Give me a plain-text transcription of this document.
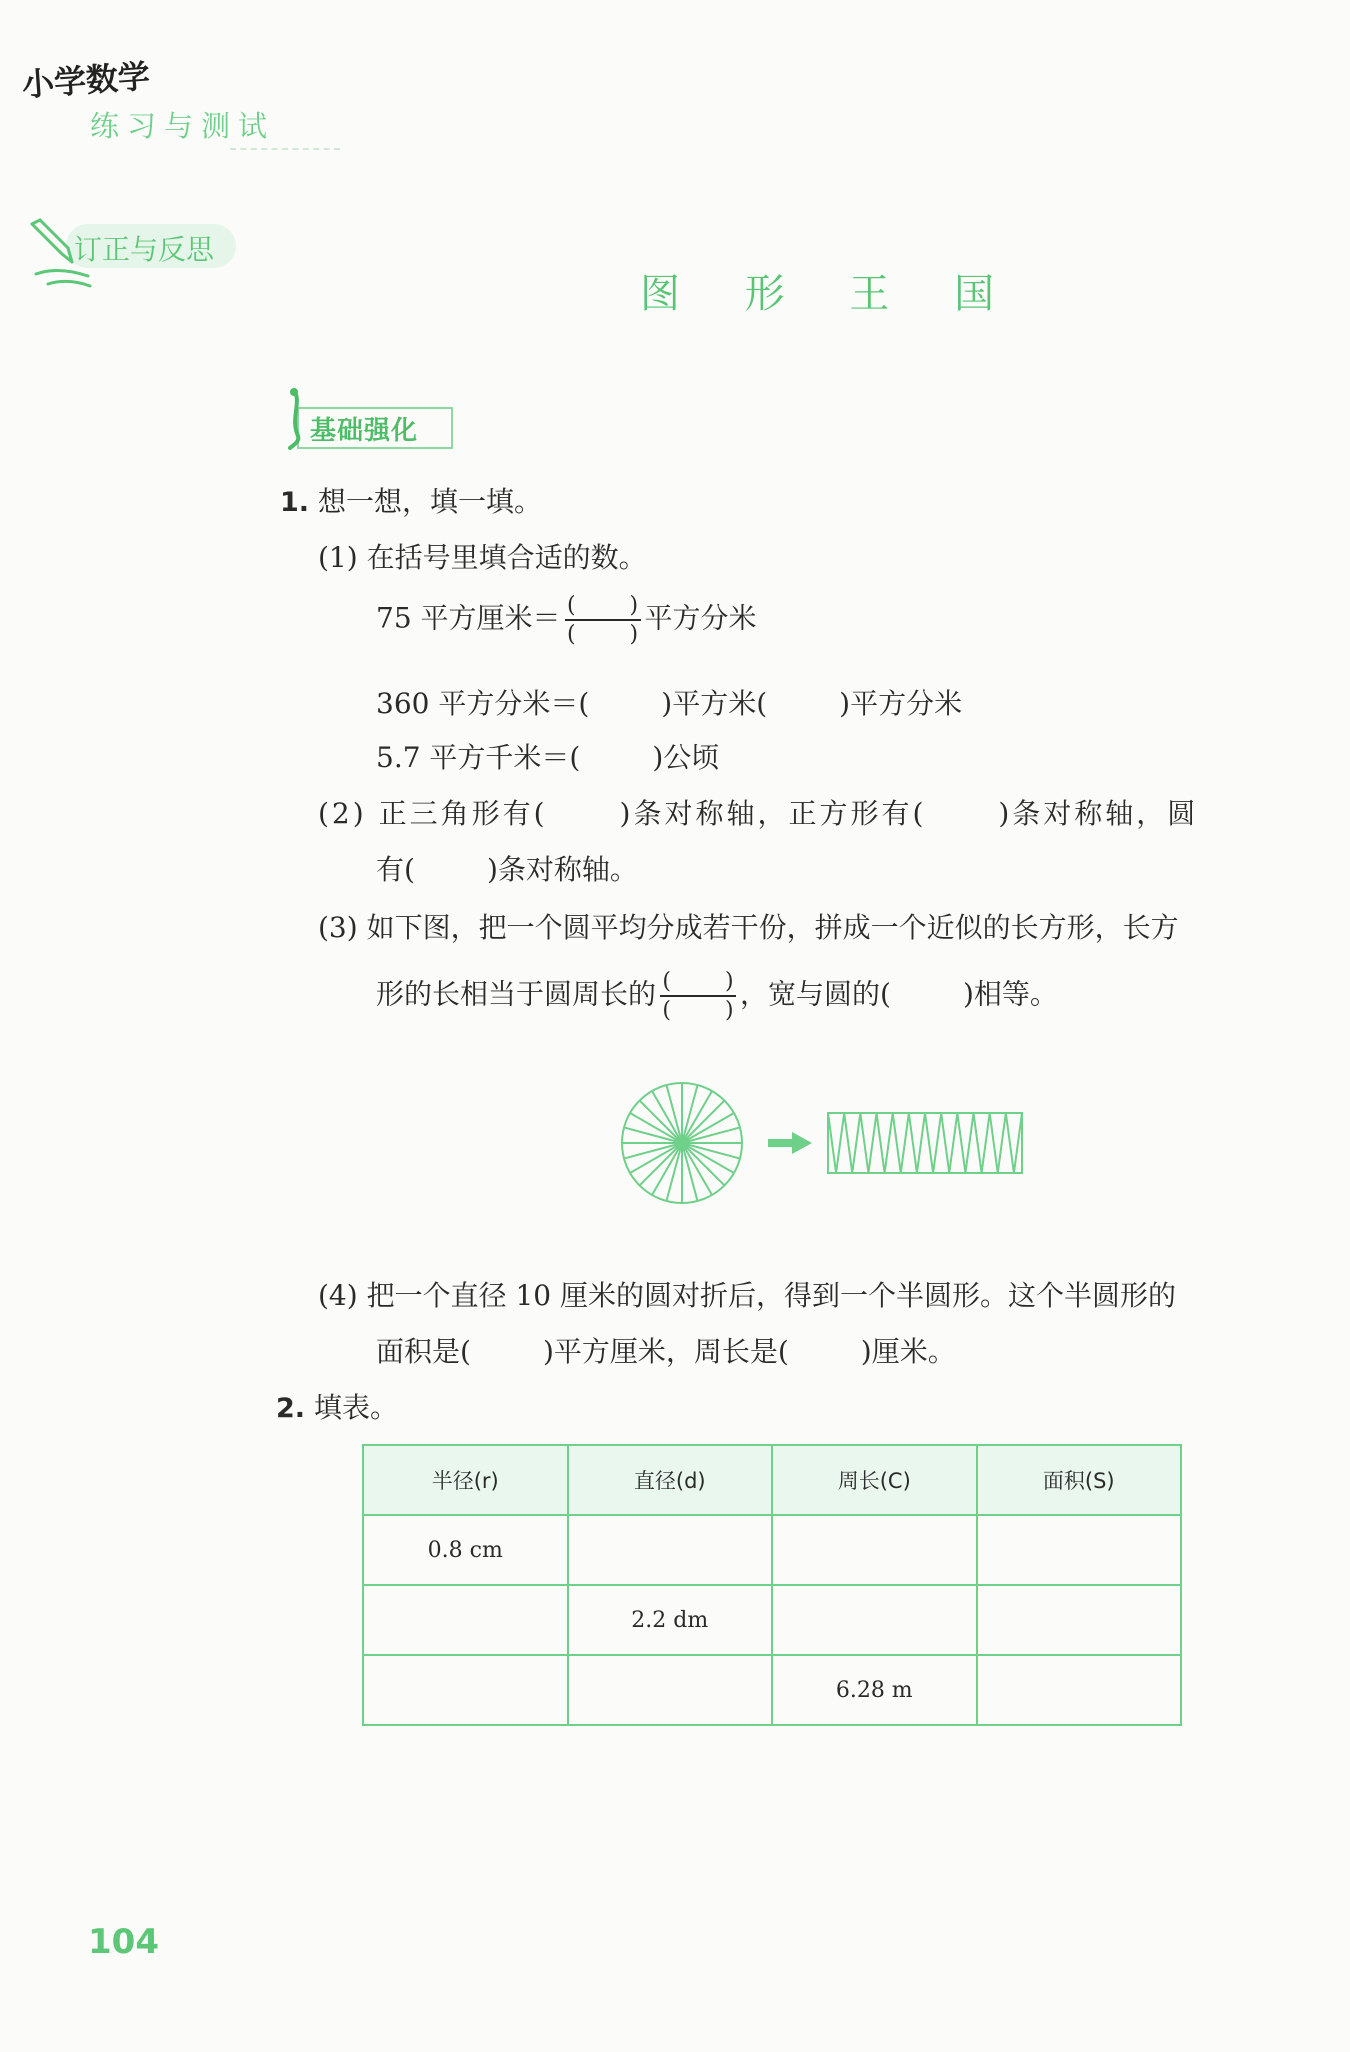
小学数学
练习与测试
订正与反思
图 形 王 国
基础强化
1. 想一想，填一填。
(1) 在括号里填合适的数。
75 平方厘米＝
$\frac{( )}{( )}$
平方分米
360 平方分米＝(	)平方米(	)平方分米
5.7 平方千米＝(	)公顷
(2) 正三角形有(	)条对称轴，正方形有(	)条对称轴，圆
有(	)条对称轴。
(3) 如下图，把一个圆平均分成若干份，拼成一个近似的长方形，长方
形的长相当于圆周长的
$\frac{( )}{( )}$
，宽与圆的(	)相等。
(4) 把一个直径 10 厘米的圆对折后，得到一个半圆形。这个半圆形的
面积是(	)平方厘米，周长是(	)厘米。
2. 填表。
半径(r)	直径(d)	周长(C)	面积(S)
0.8 cm			
	2.2 dm		
		6.28 m	
104
